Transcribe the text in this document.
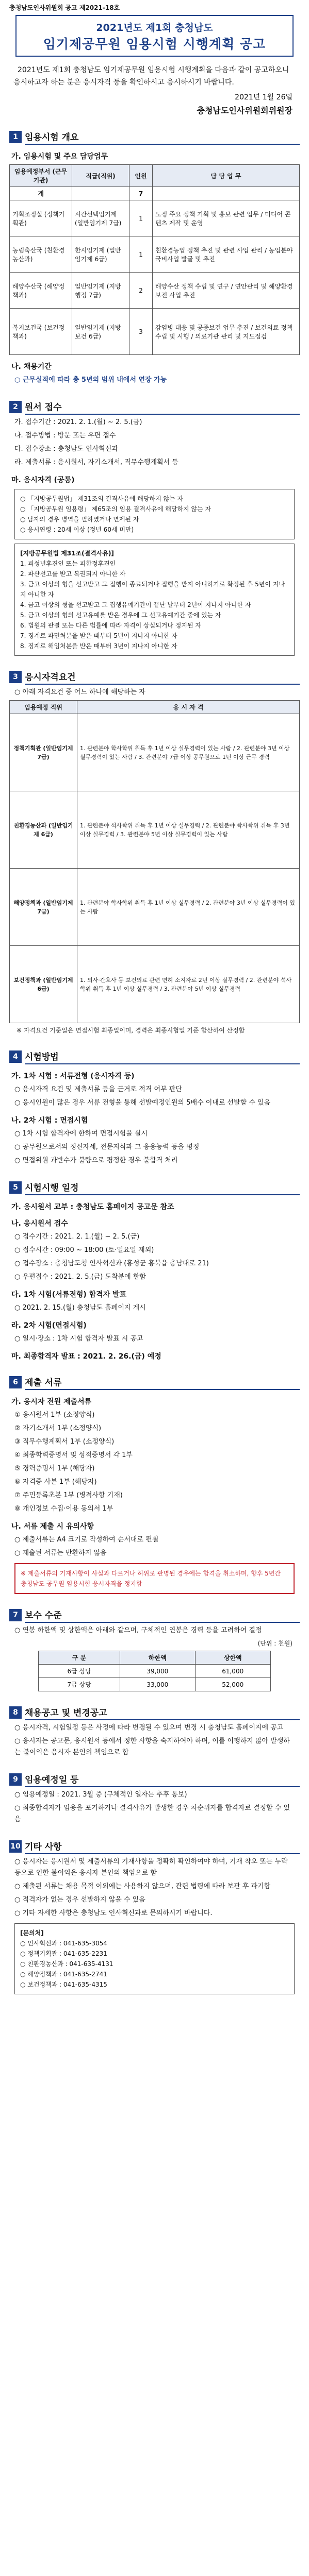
충청남도인사위원회 공고 제2021-18호
2021년도 제1회 충청남도
임기제공무원 임용시험 시행계획 공고
2021년도 제1회 충청남도 임기제공무원 임용시험 시행계획을 다음과 같이 공고하오니 응시하고자 하는 분은 응시자격 등을 확인하시고 응시하시기 바랍니다.
2021년 1월 26일
충청남도인사위원회위원장
1 임용시험 개요
가. 임용시험 및 주요 담당업무
임용예정부서 (근무기관)	직급(직위)	인원	담 당 업 무
계		7	
기획조정실 (정책기획관)	시간선택임기제 (일반임기제 7급)	1	도정 주요 정책 기획 및 홍보 관련 업무 / 미디어 콘텐츠 제작 및 운영
농림축산국 (친환경농산과)	한시임기제 (일반임기제 6급)	1	친환경농업 정책 추진 및 관련 사업 관리 / 농업분야 국비사업 발굴 및 추진
해양수산국 (해양정책과)	일반임기제 (지방행정 7급)	2	해양수산 정책 수립 및 연구 / 연안관리 및 해양환경 보전 사업 추진
복지보건국 (보건정책과)	일반임기제 (지방보건 6급)	3	감염병 대응 및 공중보건 업무 추진 / 보건의료 정책 수립 및 시행 / 의료기관 관리 및 지도점검
나. 채용기간
○ 근무실적에 따라 총 5년의 범위 내에서 연장 가능
2 원서 접수
가. 접수기간 : 2021. 2. 1.(월) ~ 2. 5.(금)
나. 접수방법 : 방문 또는 우편 접수
다. 접수장소 : 충청남도 인사혁신과
라. 제출서류 : 응시원서, 자기소개서, 직무수행계획서 등
마. 응시자격 (공통)
○ 「지방공무원법」 제31조의 결격사유에 해당하지 않는 자
○ 「지방공무원 임용령」 제65조의 임용 결격사유에 해당하지 않는 자
○ 남자의 경우 병역을 필하였거나 면제된 자
○ 응시연령 : 20세 이상 (정년 60세 미만)
[지방공무원법 제31조(결격사유)]
1. 피성년후견인 또는 피한정후견인
2. 파산선고를 받고 복권되지 아니한 자
3. 금고 이상의 형을 선고받고 그 집행이 종료되거나 집행을 받지 아니하기로 확정된 후 5년이 지나지 아니한 자
4. 금고 이상의 형을 선고받고 그 집행유예기간이 끝난 날부터 2년이 지나지 아니한 자
5. 금고 이상의 형의 선고유예를 받은 경우에 그 선고유예기간 중에 있는 자
6. 법원의 판결 또는 다른 법률에 따라 자격이 상실되거나 정지된 자
7. 징계로 파면처분을 받은 때부터 5년이 지나지 아니한 자
8. 징계로 해임처분을 받은 때부터 3년이 지나지 아니한 자
3 응시자격요건
○ 아래 자격요건 중 어느 하나에 해당하는 자
임용예정 직위	응 시 자 격
정책기획관 (일반임기제 7급)	1. 관련분야 학사학위 취득 후 1년 이상 실무경력이 있는 사람 / 2. 관련분야 3년 이상 실무경력이 있는 사람 / 3. 관련분야 7급 이상 공무원으로 1년 이상 근무 경력
친환경농산과 (일반임기제 6급)	1. 관련분야 석사학위 취득 후 1년 이상 실무경력 / 2. 관련분야 학사학위 취득 후 3년 이상 실무경력 / 3. 관련분야 5년 이상 실무경력이 있는 사람
해양정책과 (일반임기제 7급)	1. 관련분야 학사학위 취득 후 1년 이상 실무경력 / 2. 관련분야 3년 이상 실무경력이 있는 사람
보건정책과 (일반임기제 6급)	1. 의사·간호사 등 보건의료 관련 면허 소지자로 2년 이상 실무경력 / 2. 관련분야 석사학위 취득 후 1년 이상 실무경력 / 3. 관련분야 5년 이상 실무경력
※ 자격요건 기준일은 면접시험 최종일이며, 경력은 최종시험일 기준 합산하여 산정함
4 시험방법
가. 1차 시험 : 서류전형 (응시자격 등)
○ 응시자격 요건 및 제출서류 등을 근거로 적격 여부 판단
○ 응시인원이 많은 경우 서류 전형을 통해 선발예정인원의 5배수 이내로 선발할 수 있음
나. 2차 시험 : 면접시험
○ 1차 시험 합격자에 한하여 면접시험을 실시
○ 공무원으로서의 정신자세, 전문지식과 그 응용능력 등을 평정
○ 면접위원 과반수가 불량으로 평정한 경우 불합격 처리
5 시험시행 일정
가. 응시원서 교부 : 충청남도 홈페이지 공고문 참조
나. 응시원서 접수
○ 접수기간 : 2021. 2. 1.(월) ~ 2. 5.(금)
○ 접수시간 : 09:00 ~ 18:00 (토·일요일 제외)
○ 접수장소 : 충청남도청 인사혁신과 (홍성군 홍북읍 충남대로 21)
○ 우편접수 : 2021. 2. 5.(금) 도착분에 한함
다. 1차 시험(서류전형) 합격자 발표
○ 2021. 2. 15.(월) 충청남도 홈페이지 게시
라. 2차 시험(면접시험)
○ 일시·장소 : 1차 시험 합격자 발표 시 공고
마. 최종합격자 발표 : 2021. 2. 26.(금) 예정
6 제출 서류
가. 응시자 전원 제출서류
① 응시원서 1부 (소정양식)
② 자기소개서 1부 (소정양식)
③ 직무수행계획서 1부 (소정양식)
④ 최종학력증명서 및 성적증명서 각 1부
⑤ 경력증명서 1부 (해당자)
⑥ 자격증 사본 1부 (해당자)
⑦ 주민등록초본 1부 (병적사항 기재)
⑧ 개인정보 수집·이용 동의서 1부
나. 서류 제출 시 유의사항
○ 제출서류는 A4 크기로 작성하여 순서대로 편철
○ 제출된 서류는 반환하지 않음
※ 제출서류의 기재사항이 사실과 다르거나 허위로 판명된 경우에는 합격을 취소하며, 향후 5년간 충청남도 공무원 임용시험 응시자격을 정지함
7 보수 수준
○ 연봉 하한액 및 상한액은 아래와 같으며, 구체적인 연봉은 경력 등을 고려하여 결정
(단위 : 천원)
구 분	하한액	상한액
6급 상당	39,000	61,000
7급 상당	33,000	52,000
8 채용공고 및 변경공고
○ 응시자격, 시험일정 등은 사정에 따라 변경될 수 있으며 변경 시 충청남도 홈페이지에 공고
○ 응시자는 공고문, 응시원서 등에서 정한 사항을 숙지하여야 하며, 이를 이행하지 않아 발생하는 불이익은 응시자 본인의 책임으로 함
9 임용예정일 등
○ 임용예정일 : 2021. 3월 중 (구체적인 일자는 추후 통보)
○ 최종합격자가 임용을 포기하거나 결격사유가 발생한 경우 차순위자를 합격자로 결정할 수 있음
10 기타 사항
○ 응시자는 응시원서 및 제출서류의 기재사항을 정확히 확인하여야 하며, 기재 착오 또는 누락 등으로 인한 불이익은 응시자 본인의 책임으로 함
○ 제출된 서류는 채용 목적 이외에는 사용하지 않으며, 관련 법령에 따라 보관 후 파기함
○ 적격자가 없는 경우 선발하지 않을 수 있음
○ 기타 자세한 사항은 충청남도 인사혁신과로 문의하시기 바랍니다.
[문의처]
○ 인사혁신과 : 041-635-3054
○ 정책기획관 : 041-635-2231
○ 친환경농산과 : 041-635-4131
○ 해양정책과 : 041-635-2741
○ 보건정책과 : 041-635-4315
